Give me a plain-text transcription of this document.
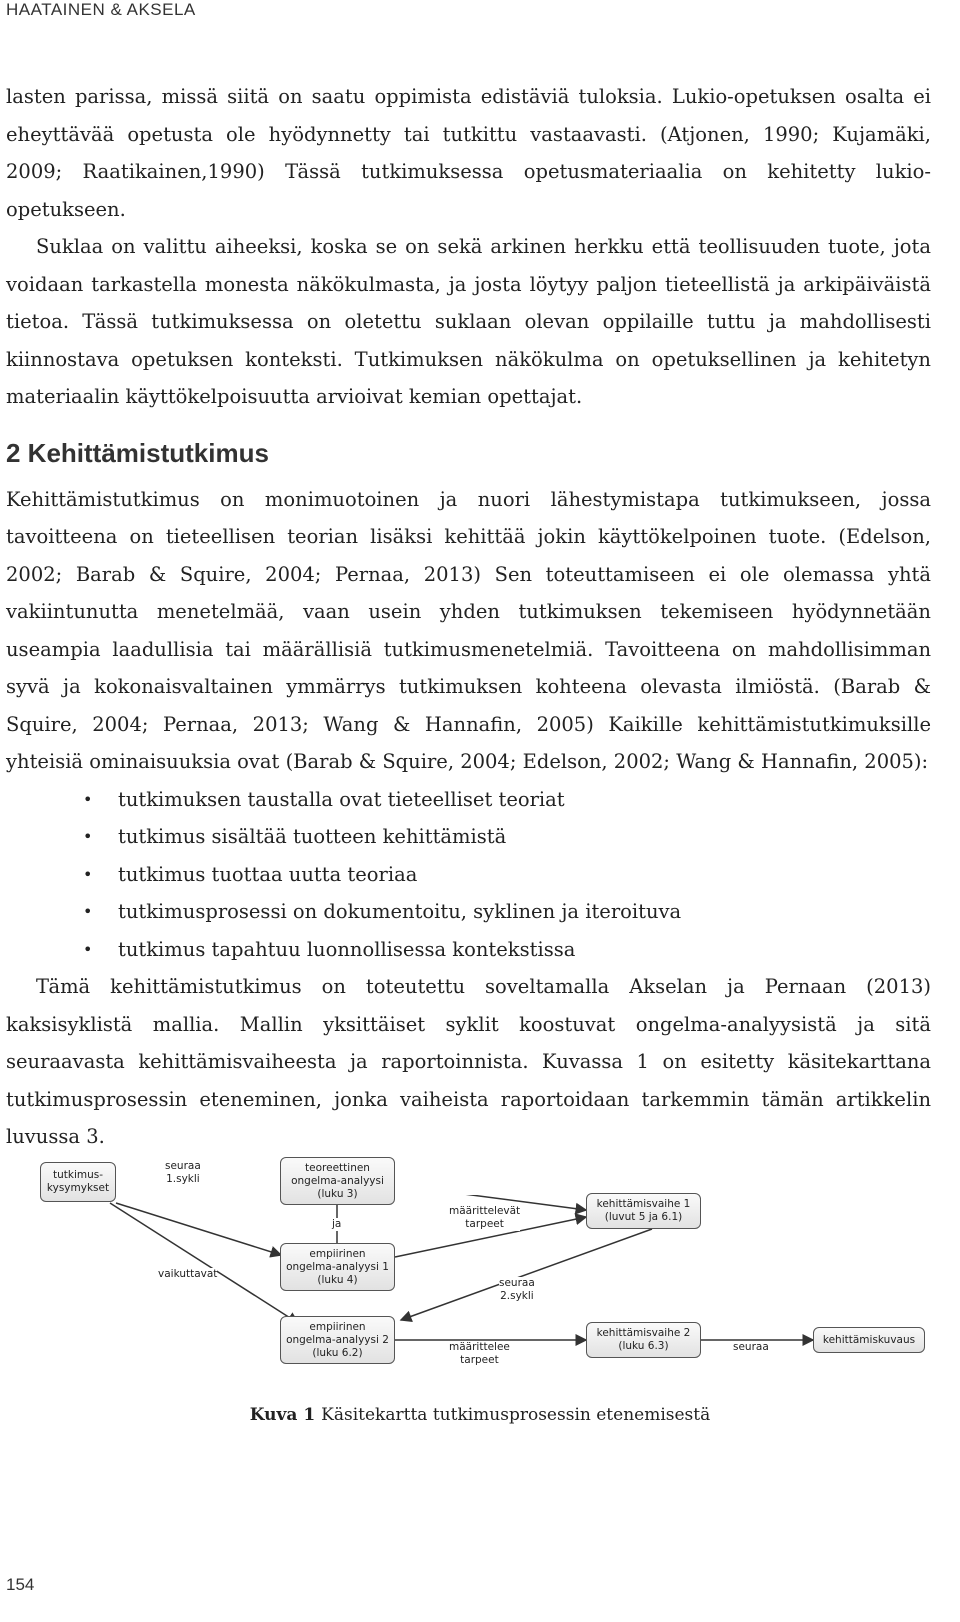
HAATAINEN & AKSELA

lasten parissa, missä siitä on saatu oppimista edistäviä tuloksia. Lukio-opetuksen osalta ei eheyttävää opetusta ole hyödynnetty tai tutkittu vastaavasti. (Atjonen, 1990; Kujamäki, 2009; Raatikainen,1990) Tässä tutkimuksessa opetusmateriaalia on kehitetty lukio-opetukseen.

Suklaa on valittu aiheeksi, koska se on sekä arkinen herkku että teollisuuden tuote, jota voidaan tarkastella monesta näkökulmasta, ja josta löytyy paljon tieteellistä ja arkipäiväistä tietoa. Tässä tutkimuksessa on oletettu suklaan olevan oppilaille tuttu ja mahdollisesti kiinnostava opetuksen konteksti. Tutkimuksen näkökulma on opetuksellinen ja kehitetyn materiaalin käyttökelpoisuutta arvioivat kemian opettajat.

2 Kehittämistutkimus

Kehittämistutkimus on monimuotoinen ja nuori lähestymistapa tutkimukseen, jossa tavoitteena on tieteellisen teorian lisäksi kehittää jokin käyttökelpoinen tuote. (Edelson, 2002; Barab & Squire, 2004; Pernaa, 2013) Sen toteuttamiseen ei ole olemassa yhtä vakiintunutta menetelmää, vaan usein yhden tutkimuksen tekemiseen hyödynnetään useampia laadullisia tai määrällisiä tutkimusmenetelmiä. Tavoitteena on mahdollisimman syvä ja kokonaisvaltainen ymmärrys tutkimuksen kohteena olevasta ilmiöstä. (Barab & Squire, 2004; Pernaa, 2013; Wang & Hannafin, 2005) Kaikille kehittämistutkimuksille yhteisiä ominaisuuksia ovat (Barab & Squire, 2004; Edelson, 2002; Wang & Hannafin, 2005):

• tutkimuksen taustalla ovat tieteelliset teoriat
• tutkimus sisältää tuotteen kehittämistä
• tutkimus tuottaa uutta teoriaa
• tutkimusprosessi on dokumentoitu, syklinen ja iteroituva
• tutkimus tapahtuu luonnollisessa kontekstissa

Tämä kehittämistutkimus on toteutettu soveltamalla Akselan ja Pernaan (2013) kaksisyklistä mallia. Mallin yksittäiset syklit koostuvat ongelma-analyysistä ja sitä seuraavasta kehittämisvaiheesta ja raportoinnista. Kuvassa 1 on esitetty käsitekarttana tutkimusprosessin eteneminen, jonka vaiheista raportoidaan tarkemmin tämän artikkelin luvussa 3.

tutkimus-
kysymykset
teoreettinen
ongelma-analyysi
(luku 3)
empiirinen
ongelma-analyysi 1
(luku 4)
kehittämisvaihe 1
(luvut 5 ja 6.1)
empiirinen
ongelma-analyysi 2
(luku 6.2)
kehittämisvaihe 2
(luku 6.3)
kehittämiskuvaus
seuraa
1.sykli
ja
vaikuttavat
määrittelevät
tarpeet
seuraa
2.sykli
määrittelee
tarpeet
seuraa
Kuva 1 Käsitekartta tutkimusprosessin etenemisestä
154
